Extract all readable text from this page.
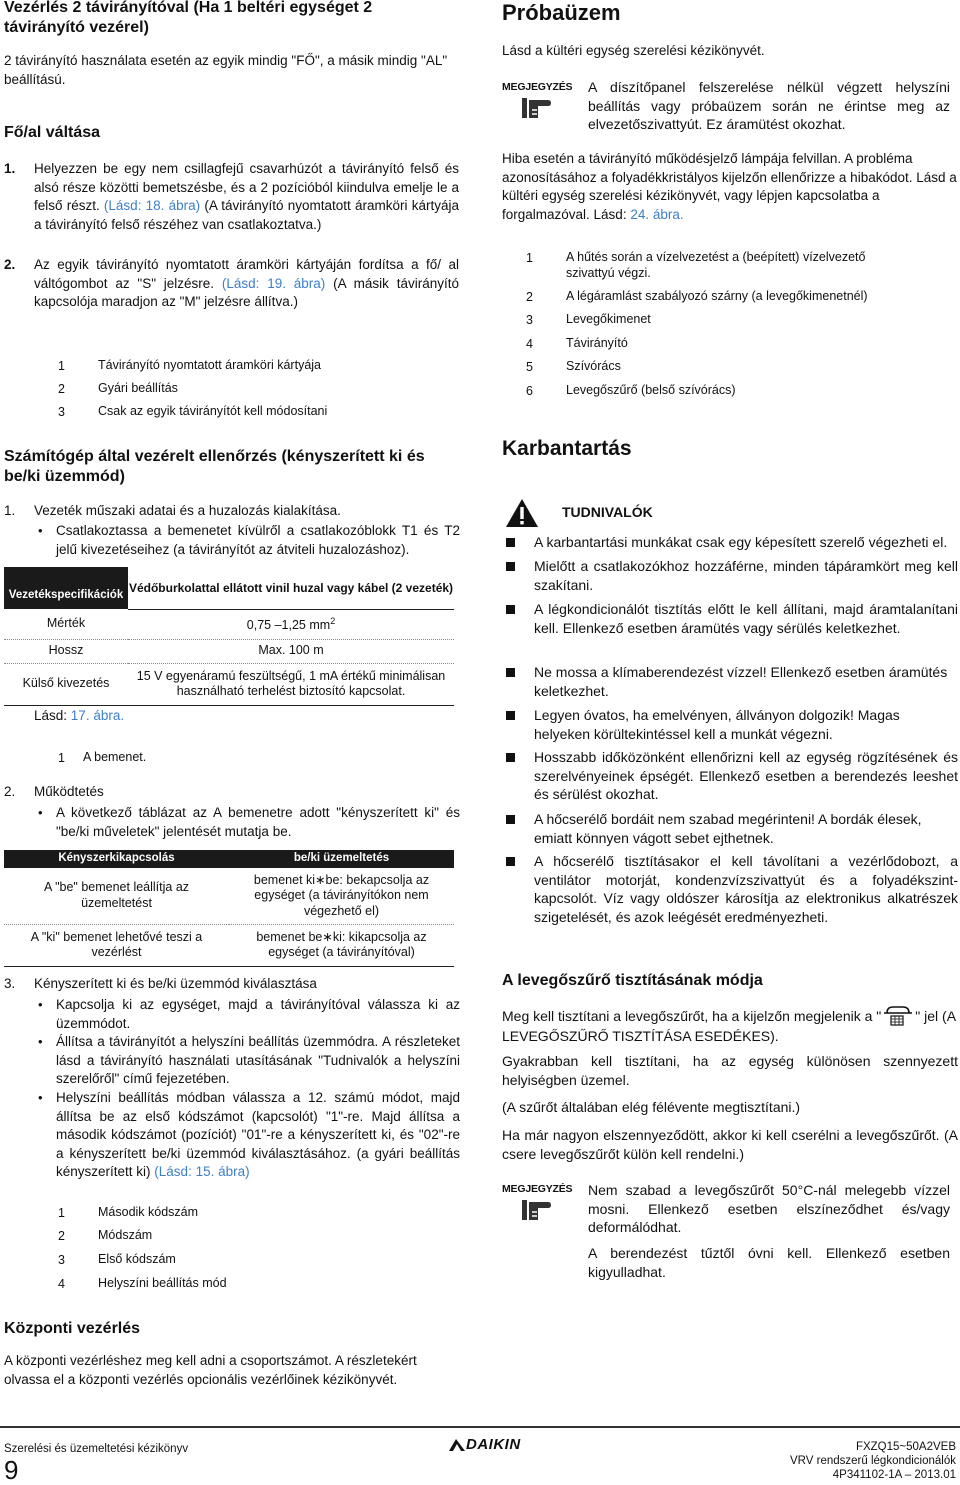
Vezérlés 2 távirányítóval (Ha 1 beltéri egységet 2 távirányító vezérel)
2 távirányító használata esetén az egyik mindig "FŐ", a másik mindig "AL" beállítású.
Fő/al váltása
1. Helyezzen be egy nem csillagfejű csavarhúzót a távirányító felső és alsó része közötti bemetszésbe, és a 2 pozícióból kiindulva emelje le a felső részt. (Lásd: 18. ábra) (A távirányító nyomtatott áramköri kártyája a távirányító felső részéhez van csatlakoztatva.)
2. Az egyik távirányító nyomtatott áramköri kártyáján fordítsa a fő/ al váltógombot az "S" jelzésre. (Lásd: 19. ábra) (A másik távirányító kapcsolója maradjon az "M" jelzésre állítva.)
1	Távirányító nyomtatott áramköri kártyája
2	Gyári beállítás
3	Csak az egyik távirányítót kell módosítani
Számítógép által vezérelt ellenőrzés (kényszerített ki és be/ki üzemmód)
1. Vezeték műszaki adatai és a huzalozás kialakítása.
• Csatlakoztassa a bemenetet kívülről a csatlakozóblokk T1 és T2 jelű kivezetéseihez (a távirányítót az átviteli huzalozáshoz).
Vezetékspecifikációk	Védőburkolattal ellátott vinil huzal vagy kábel (2 vezeték)
Mérték	0,75 –1,25 $mm^2$
Hossz	Max. 100 m
Külső kivezetés	15 V egyenáramú feszültségű, 1 mA értékű minimálisan használható terhelést biztosító kapcsolat.
Lásd: 17. ábra.
1	A bemenet.
2. Működtetés
• A következő táblázat az A bemenetre adott "kényszerített ki" és "be/ki műveletek" jelentését mutatja be.
Kényszerkikapcsolás	be/ki üzemeltetés
A "be" bemenet leállítja az üzemeltetést	bemenet ki∗be: bekapcsolja az egységet (a távirányítókon nem végezhető el)
A "ki" bemenet lehetővé teszi a vezérlést	bemenet be∗ki: kikapcsolja az egységet (a távirányítóval)
3. Kényszerített ki és be/ki üzemmód kiválasztása
• Kapcsolja ki az egységet, majd a távirányítóval válassza ki az üzemmódot.
• Állítsa a távirányítót a helyszíni beállítás üzemmódra. A részleteket lásd a távirányító használati utasításának "Tudnivalók a helyszíni szerelőről" című fejezetében.
• Helyszíni beállítás módban válassza a 12. számú módot, majd állítsa be az első kódszámot (kapcsolót) "1"-re. Majd állítsa a második kódszámot (pozíciót) "01"-re a kényszerített ki, és "02"-re a kényszerített be/ki üzemmód kiválasztásához. (a gyári beállítás kényszerített ki) (Lásd: 15. ábra)
1	Második kódszám
2	Módszám
3	Első kódszám
4	Helyszíni beállítás mód
Központi vezérlés
A központi vezérléshez meg kell adni a csoportszámot. A részletekért olvassa el a központi vezérlés opcionális vezérlőinek kézikönyvét.
Próbaüzem
Lásd a kültéri egység szerelési kézikönyvét.
MEGJEGYZÉS A díszítőpanel felszerelése nélkül végzett helyszíni beállítás vagy próbaüzem során ne érintse meg az elvezetőszivattyút. Ez áramütést okozhat.
Hiba esetén a távirányító működésjelző lámpája felvillan. A probléma azonosításához a folyadékkristályos kijelzőn ellenőrizze a hibakódot. Lásd a kültéri egység szerelési kézikönyvét, vagy lépjen kapcsolatba a forgalmazóval. Lásd: 24. ábra.
1	A hűtés során a vízelvezetést a (beépített) vízelvezető szivattyú végzi.
2	A légáramlást szabályozó szárny (a levegőkimenetnél)
3	Levegőkimenet
4	Távirányító
5	Szívórács
6	Levegőszűrő (belső szívórács)
Karbantartás
TUDNIVALÓK
A karbantartási munkákat csak egy képesített szerelő végezheti el.
Mielőtt a csatlakozókhoz hozzáférne, minden tápáramkört meg kell szakítani.
A légkondicionálót tisztítás előtt le kell állítani, majd áramtalanítani kell. Ellenkező esetben áramütés vagy sérülés keletkezhet.
Ne mossa a klímaberendezést vízzel! Ellenkező esetben áramütés keletkezhet.
Legyen óvatos, ha emelvényen, állványon dolgozik! Magas helyeken körültekintéssel kell a munkát végezni.
Hosszabb időközönként ellenőrizni kell az egység rögzítésének és szerelvényeinek épségét. Ellenkező esetben a berendezés leeshet és sérülést okozhat.
A hőcserélő bordáit nem szabad megérinteni! A bordák élesek, emiatt könnyen vágott sebet ejthetnek.
A hőcserélő tisztításakor el kell távolítani a vezérlődobozt, a ventilátor motorját, kondenzvízszivattyút és a folyadékszint-kapcsolót. Víz vagy oldószer károsítja az elektronikus alkatrészek szigetelését, és azok leégését eredményezheti.
A levegőszűrő tisztításának módja
Meg kell tisztítani a levegőszűrőt, ha a kijelzőn megjelenik a " " jel (A LEVEGŐSZŰRŐ TISZTÍTÁSA ESEDÉKES).
Gyakrabban kell tisztítani, ha az egység különösen szennyezett helyiségben üzemel.
(A szűrőt általában elég félévente megtisztítani.)
Ha már nagyon elszennyeződött, akkor ki kell cserélni a levegőszűrőt. (A csere levegőszűrőt külön kell rendelni.)
MEGJEGYZÉS Nem szabad a levegőszűrőt 50°C-nál melegebb vízzel mosni. Ellenkező esetben elszíneződhet és/vagy deformálódhat.
A berendezést tűztől óvni kell. Ellenkező esetben kigyulladhat.
Szerelési és üzemeltetési kézikönyv
9
DAIKIN	FXZQ15~50A2VEB
VRV rendszerű légkondicionálók
4P341102-1A – 2013.01
